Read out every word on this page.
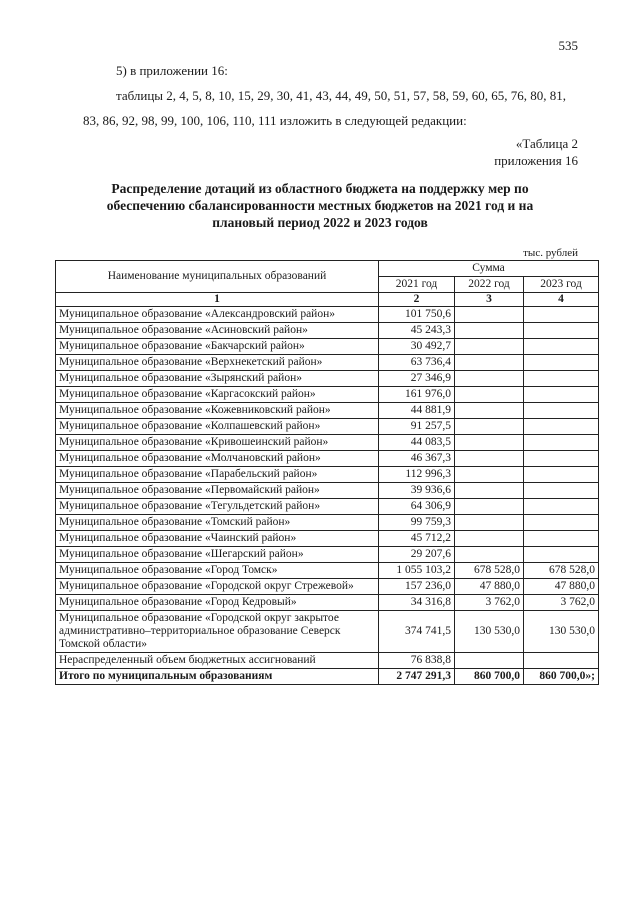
535
5) в приложении 16:
таблицы 2, 4, 5, 8, 10, 15, 29, 30, 41, 43, 44, 49, 50, 51, 57, 58, 59, 60, 65, 76, 80, 81,
83, 86, 92, 98, 99, 100, 106, 110, 111 изложить в следующей редакции:
«Таблица 2
приложения 16
Распределение дотаций из областного бюджета на поддержку мер по
обеспечению сбалансированности местных бюджетов на 2021 год и на
плановый период 2022 и 2023 годов
тыс. рублей
Наименование муниципальных образований	Сумма		
	2021 год	2022 год	2023 год
1	2	3	4
Муниципальное образование «Александровский район»	101 750,6		
Муниципальное образование «Асиновский район»	45 243,3		
Муниципальное образование «Бакчарский район»	30 492,7		
Муниципальное образование «Верхнекетский район»	63 736,4		
Муниципальное образование «Зырянский район»	27 346,9		
Муниципальное образование «Каргасокский район»	161 976,0		
Муниципальное образование «Кожевниковский район»	44 881,9		
Муниципальное образование «Колпашевский район»	91 257,5		
Муниципальное образование «Кривошеинский район»	44 083,5		
Муниципальное образование «Молчановский район»	46 367,3		
Муниципальное образование «Парабельский район»	112 996,3		
Муниципальное образование «Первомайский район»	39 936,6		
Муниципальное образование «Тегульдетский район»	64 306,9		
Муниципальное образование «Томский район»	99 759,3		
Муниципальное образование «Чаинский район»	45 712,2		
Муниципальное образование «Шегарский район»	29 207,6		
Муниципальное образование «Город Томск»	1 055 103,2	678 528,0	678 528,0
Муниципальное образование «Городской округ Стрежевой»	157 236,0	47 880,0	47 880,0
Муниципальное образование «Город Кедровый»	34 316,8	3 762,0	3 762,0
Муниципальное образование «Городской округ закрытое административно–территориальное образование Северск Томской области»	374 741,5	130 530,0	130 530,0
Нераспределенный объем бюджетных ассигнований	76 838,8		
Итого по муниципальным образованиям	2 747 291,3	860 700,0	860 700,0»;
